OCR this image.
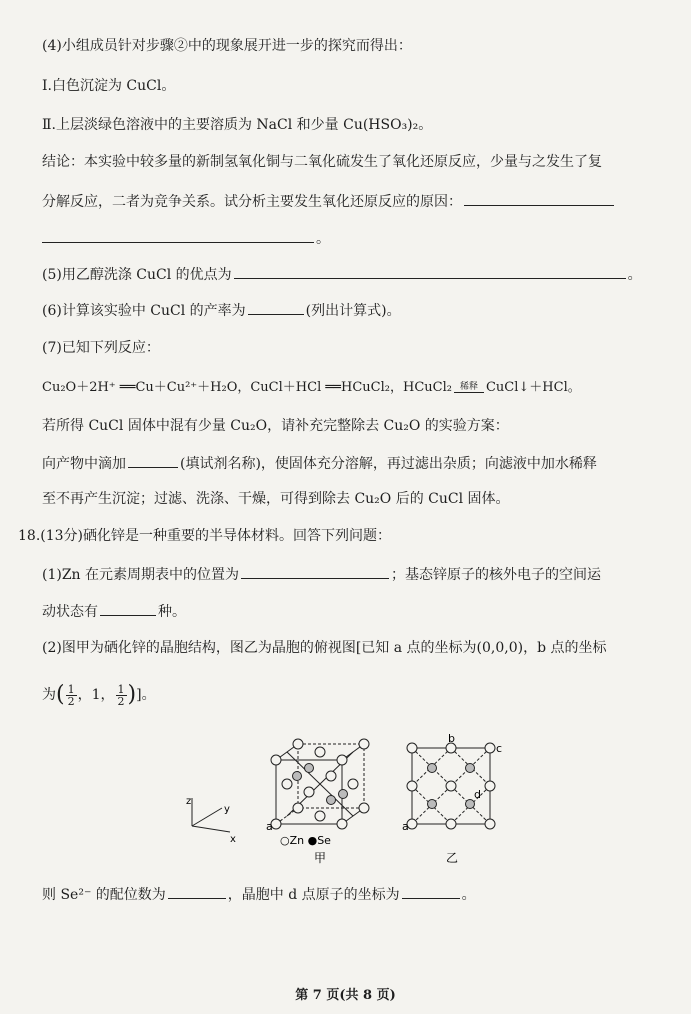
(4)小组成员针对步骤②中的现象展开进一步的探究而得出：
Ⅰ.白色沉淀为 CuCl。
Ⅱ.上层淡绿色溶液中的主要溶质为 NaCl 和少量 Cu(HSO₃)₂。
结论：本实验中较多量的新制氢氧化铜与二氧化硫发生了氧化还原反应，少量与之发生了复
分解反应，二者为竞争关系。试分析主要发生氧化还原反应的原因：
。
(5)用乙醇洗涤 CuCl 的优点为	。
(6)计算该实验中 CuCl 的产率为	(列出计算式)。
(7)已知下列反应：
Cu₂O＋2H⁺ ══Cu＋Cu²⁺＋H₂O，CuCl＋HCl ══HCuCl₂，HCuCl₂ 稀释 CuCl↓＋HCl。
若所得 CuCl 固体中混有少量 Cu₂O，请补充完整除去 Cu₂O 的实验方案：
向产物中滴加	(填试剂名称)，使固体充分溶解，再过滤出杂质；向滤液中加水稀释
至不再产生沉淀；过滤、洗涤、干燥，可得到除去 Cu₂O 后的 CuCl 固体。
18.(13分)硒化锌是一种重要的半导体材料。回答下列问题：
(1)Zn 在元素周期表中的位置为	；基态锌原子的核外电子的空间运
动状态有	种。
(2)图甲为硒化锌的晶胞结构，图乙为晶胞的俯视图[已知 a 点的坐标为(0,0,0)，b 点的坐标
为( $\frac{1}{2}$ ，1， $\frac{1}{2}$ )]。
z
y
x
a
○Zn ●Se
甲
b
c
d
a
乙
则 Se²⁻ 的配位数为	，晶胞中 d 点原子的坐标为	。
第 7 页(共 8 页)
